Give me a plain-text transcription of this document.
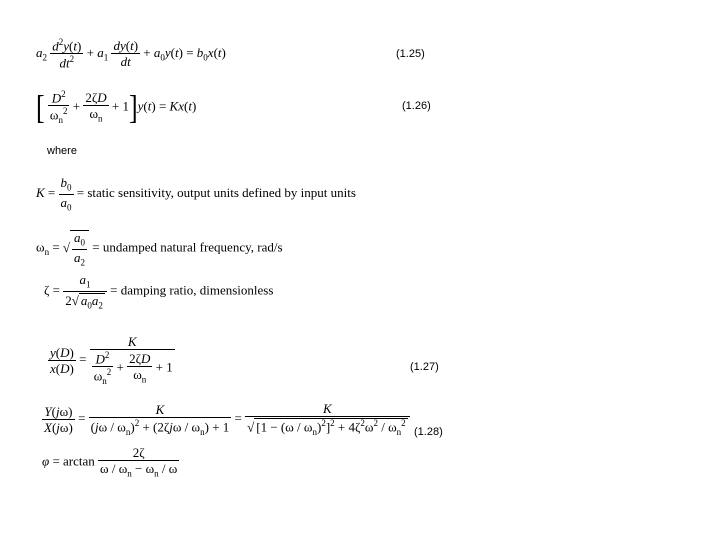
$a_2 \frac{d^2y(t)}{dt^2} + a_1 \frac{dy(t)}{dt} + a_0y(t) = b_0x(t)$	(1.25)
[ $\frac{D^2}{\omega_n^2} + \frac{2\zeta D}{\omega_n} + 1]y(t) = Kx(t)$	(1.26)
where
$K = \frac{b_0}{a_0}$ = static sensitivity, output units defined by input units
$\omega_n$ = √ $\frac{a_0}{a_2}$ = undamped natural frequency, rad/s
$\zeta = \frac{a_1}{2√ a_0a_2}$ = damping ratio, dimensionless
$\frac{y(D)}{x(D)} = \frac{K}{\frac{D^2}{\omega_n^2} + \frac{2\zeta D}{\omega_n} + 1}$	(1.27)
$\frac{Y(j\omega)}{X(j\omega)} = \frac{K}{(j\omega / \omega_n)^2 + (2\zeta j\omega / \omega_n) + 1} = \frac{K}{√ [1 - (\omega / \omega_n)^2]^2 + 4\zeta^2\omega^2 / \omega_n^2} (1.28)$
$\varphi = \arctan \frac{2\zeta}{\omega / \omega_n - \omega_n / \omega}$
